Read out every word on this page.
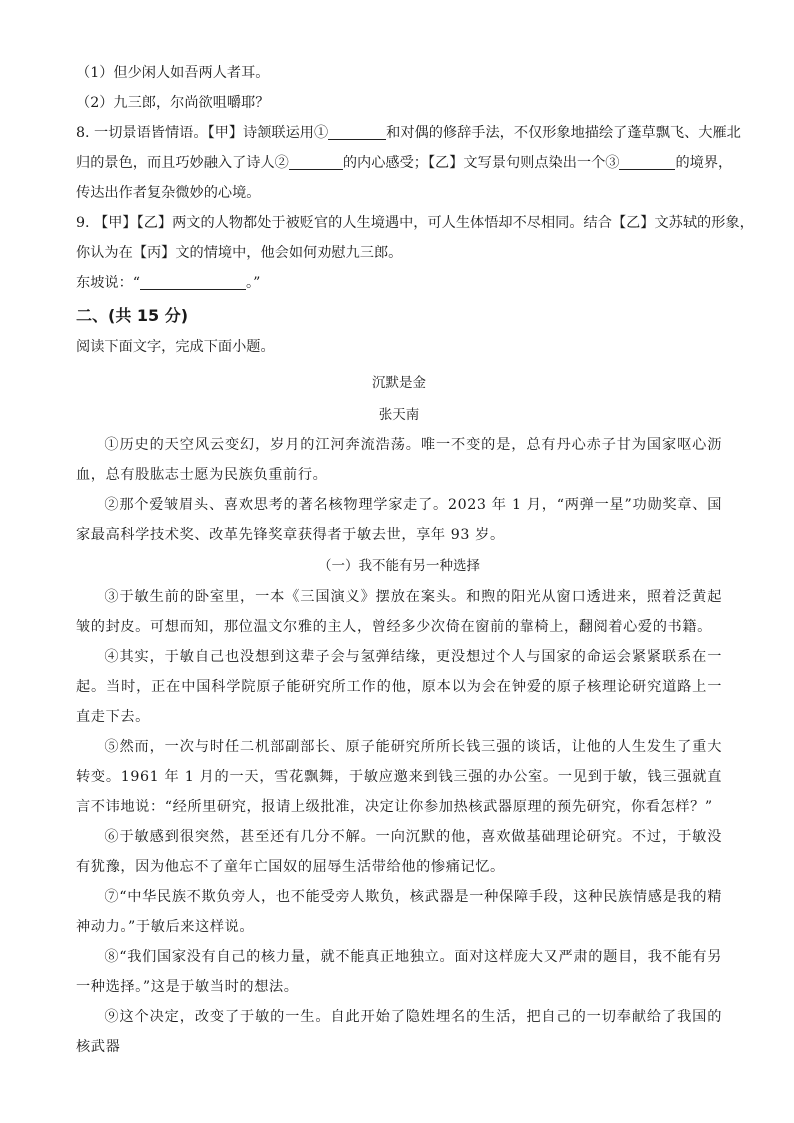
（1）但少闲人如吾两人者耳。
（2）九三郎，尔尚欲咀嚼耶？
8. 一切景语皆情语。【甲】诗颔联运用①	和对偶的修辞手法，不仅形象地描绘了蓬草飘飞、大雁北
归的景色，而且巧妙融入了诗人②	的内心感受；【乙】文写景句则点染出一个③	的境界，
传达出作者复杂微妙的心境。
9. 【甲】【乙】两文的人物都处于被贬官的人生境遇中，可人生体悟却不尽相同。结合【乙】文苏轼的形象，
你认为在【丙】文的情境中，他会如何劝慰九三郎。
东坡说：“	。”
二、(共 15 分)
阅读下面文字，完成下面小题。
沉默是金
张天南

①历史的天空风云变幻，岁月的江河奔流浩荡。唯一不变的是，总有丹心赤子甘为国家呕心沥血，总有股肱志士愿为民族负重前行。

②那个爱皱眉头、喜欢思考的著名核物理学家走了。2023 年 1 月，“两弹一星”功勋奖章、国家最高科学技术奖、改革先锋奖章获得者于敏去世，享年 93 岁。

（一）我不能有另一种选择

③于敏生前的卧室里，一本《三国演义》摆放在案头。和煦的阳光从窗口透进来，照着泛黄起皱的封皮。可想而知，那位温文尔雅的主人，曾经多少次倚在窗前的靠椅上，翻阅着心爱的书籍。

④其实，于敏自己也没想到这辈子会与氢弹结缘，更没想过个人与国家的命运会紧紧联系在一起。当时，正在中国科学院原子能研究所工作的他，原本以为会在钟爱的原子核理论研究道路上一直走下去。

⑤然而，一次与时任二机部副部长、原子能研究所所长钱三强的谈话，让他的人生发生了重大转变。1961 年 1 月的一天，雪花飘舞，于敏应邀来到钱三强的办公室。一见到于敏，钱三强就直言不讳地说：“经所里研究，报请上级批准，决定让你参加热核武器原理的预先研究，你看怎样？”

⑥于敏感到很突然，甚至还有几分不解。一向沉默的他，喜欢做基础理论研究。不过，于敏没有犹豫，因为他忘不了童年亡国奴的屈辱生活带给他的惨痛记忆。

⑦“中华民族不欺负旁人，也不能受旁人欺负，核武器是一种保障手段，这种民族情感是我的精神动力。”于敏后来这样说。

⑧“我们国家没有自己的核力量，就不能真正地独立。面对这样庞大又严肃的题目，我不能有另一种选择。”这是于敏当时的想法。

⑨这个决定，改变了于敏的一生。自此开始了隐姓埋名的生活，把自己的一切奉献给了我国的核武器
